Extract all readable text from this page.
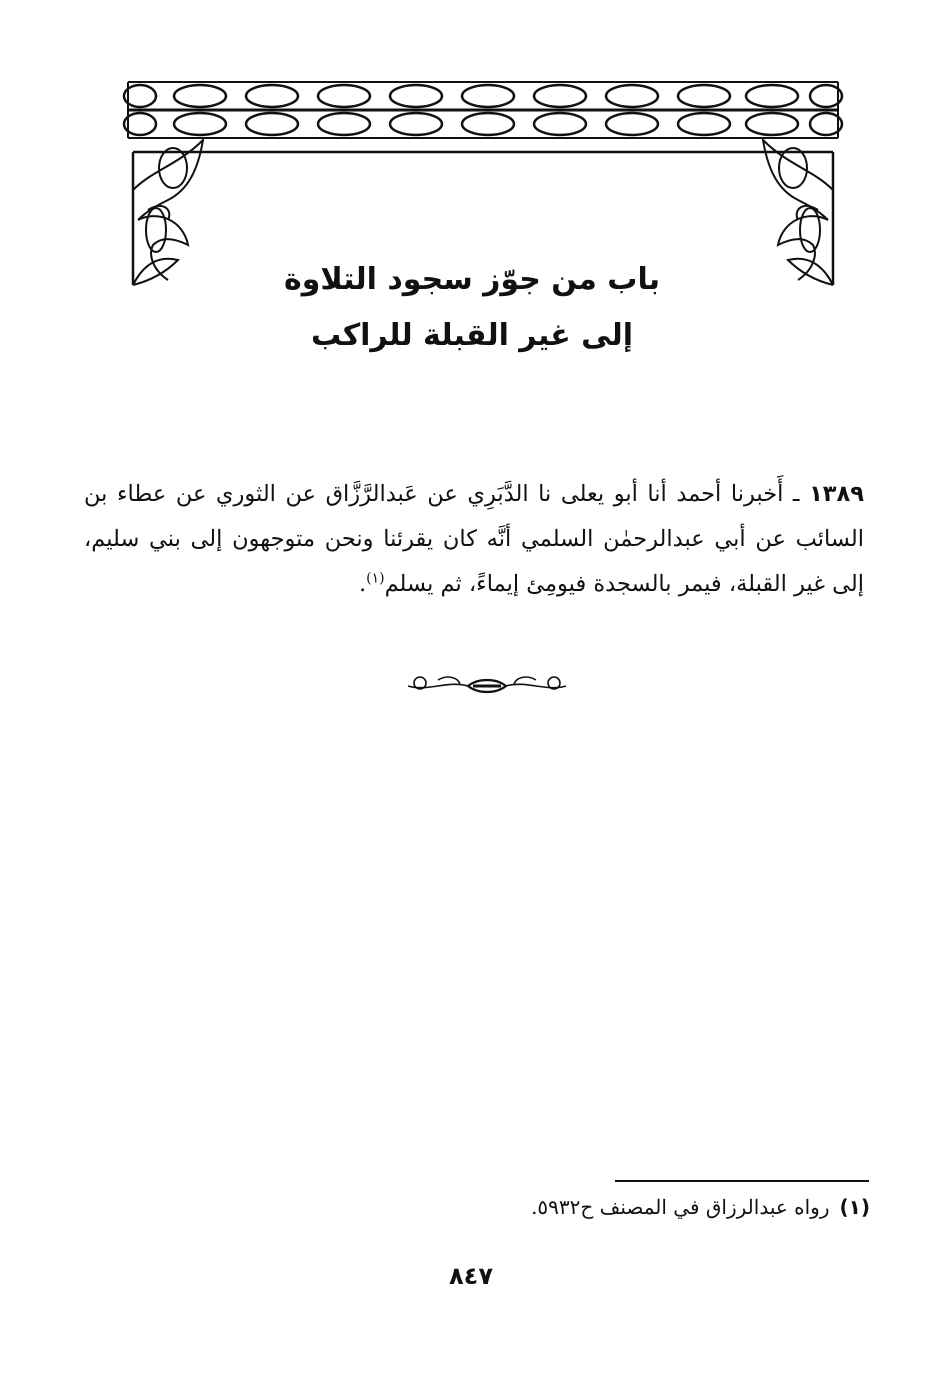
باب من جوّز سجود التلاوة
إلى غير القبلة للراكب
١٣٨٩ ـ أَخبرنا أحمد أنا أبو يعلى نا الدَّبَرِي عن عَبدالرَّزَّاق عن الثوري عن عطاء بن السائب عن أبي عبدالرحمٰن السلمي أنَّه كان يقرئنا ونحن متوجهون إلى بني سليم، إلى غير القبلة، فيمر بالسجدة فيومِئ إيماءً، ثم يسلم$^{(١)}$.
(١)رواه عبدالرزاق في المصنف ح٥٩٣٢.
٨٤٧
